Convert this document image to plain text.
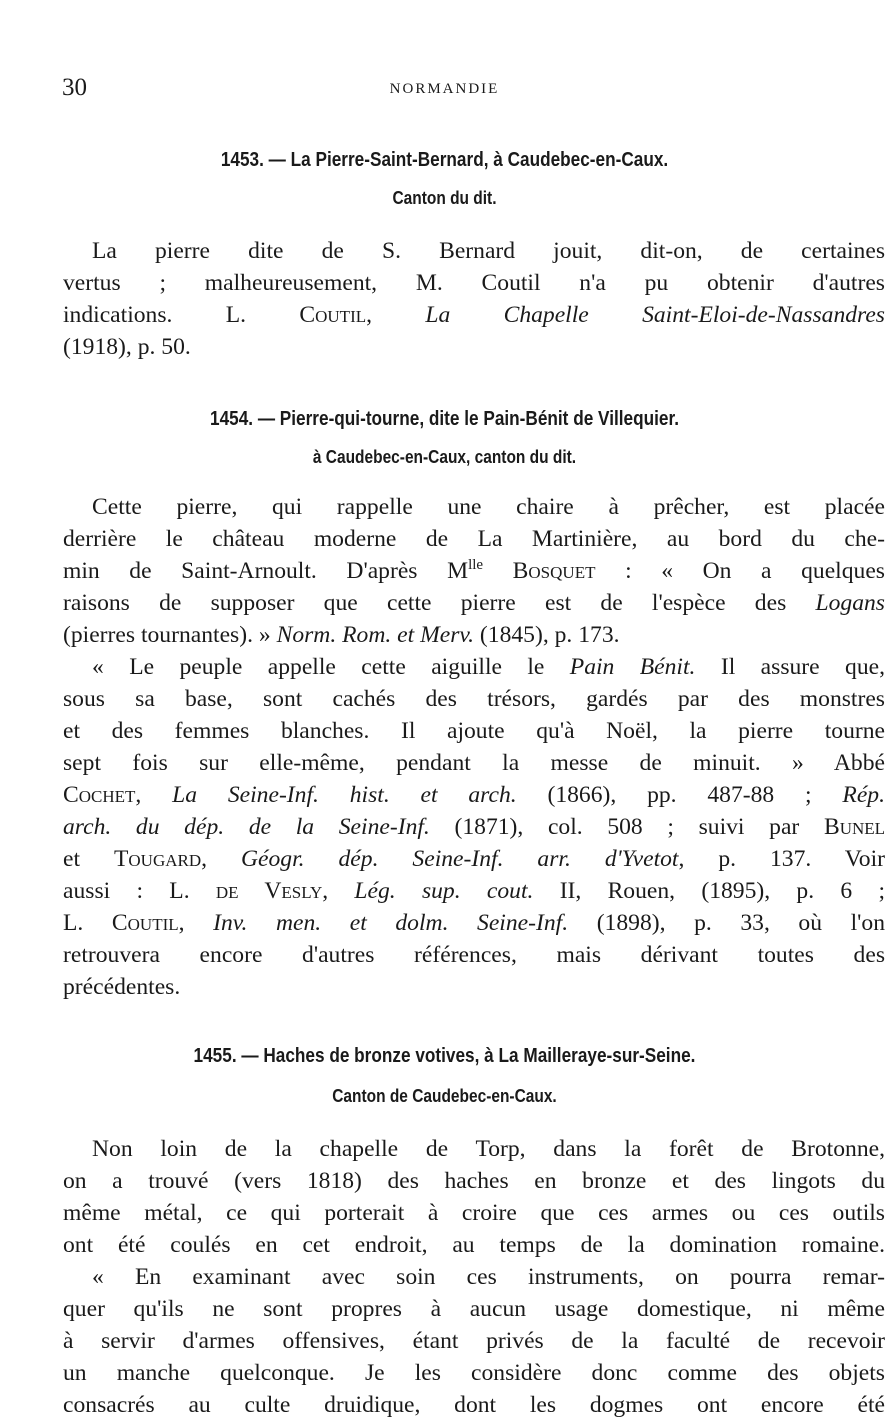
30	NORMANDIE
1453. — La Pierre-Saint-Bernard, à Caudebec-en-Caux.
Canton du dit.
La pierre dite de S. Bernard jouit, dit-on, de certaines
vertus ; malheureusement, M. Coutil n'a pu obtenir d'autres
indications. L. Coutil, La Chapelle Saint-Eloi-de-Nassandres
(1918), p. 50.
1454. — Pierre-qui-tourne, dite le Pain-Bénit de Villequier.
à Caudebec-en-Caux, canton du dit.
Cette pierre, qui rappelle une chaire à prêcher, est placée
derrière le château moderne de La Martinière, au bord du che-
min de Saint-Arnoult. D'après $M^{lle}$ Bosquet : « On a quelques
raisons de supposer que cette pierre est de l'espèce des Logans
(pierres tournantes). » Norm. Rom. et Merv. (1845), p. 173.
« Le peuple appelle cette aiguille le Pain Bénit. Il assure que,
sous sa base, sont cachés des trésors, gardés par des monstres
et des femmes blanches. Il ajoute qu'à Noël, la pierre tourne
sept fois sur elle-même, pendant la messe de minuit. » Abbé
Cochet, La Seine-Inf. hist. et arch. (1866), pp. 487-88 ; Rép.
arch. du dép. de la Seine-Inf. (1871), col. 508 ; suivi par Bunel
et Tougard, Géogr. dép. Seine-Inf. arr. d'Yvetot, p. 137. Voir
aussi : L. de Vesly, Lég. sup. cout. II, Rouen, (1895), p. 6 ;
L. Coutil, Inv. men. et dolm. Seine-Inf. (1898), p. 33, où l'on
retrouvera encore d'autres références, mais dérivant toutes des
précédentes.
1455. — Haches de bronze votives, à La Mailleraye-sur-Seine.
Canton de Caudebec-en-Caux.
Non loin de la chapelle de Torp, dans la forêt de Brotonne,
on a trouvé (vers 1818) des haches en bronze et des lingots du
même métal, ce qui porterait à croire que ces armes ou ces outils
ont été coulés en cet endroit, au temps de la domination romaine.
« En examinant avec soin ces instruments, on pourra remar-
quer qu'ils ne sont propres à aucun usage domestique, ni même
à servir d'armes offensives, étant privés de la faculté de recevoir
un manche quelconque. Je les considère donc comme des objets
consacrés au culte druidique, dont les dogmes ont encore été
